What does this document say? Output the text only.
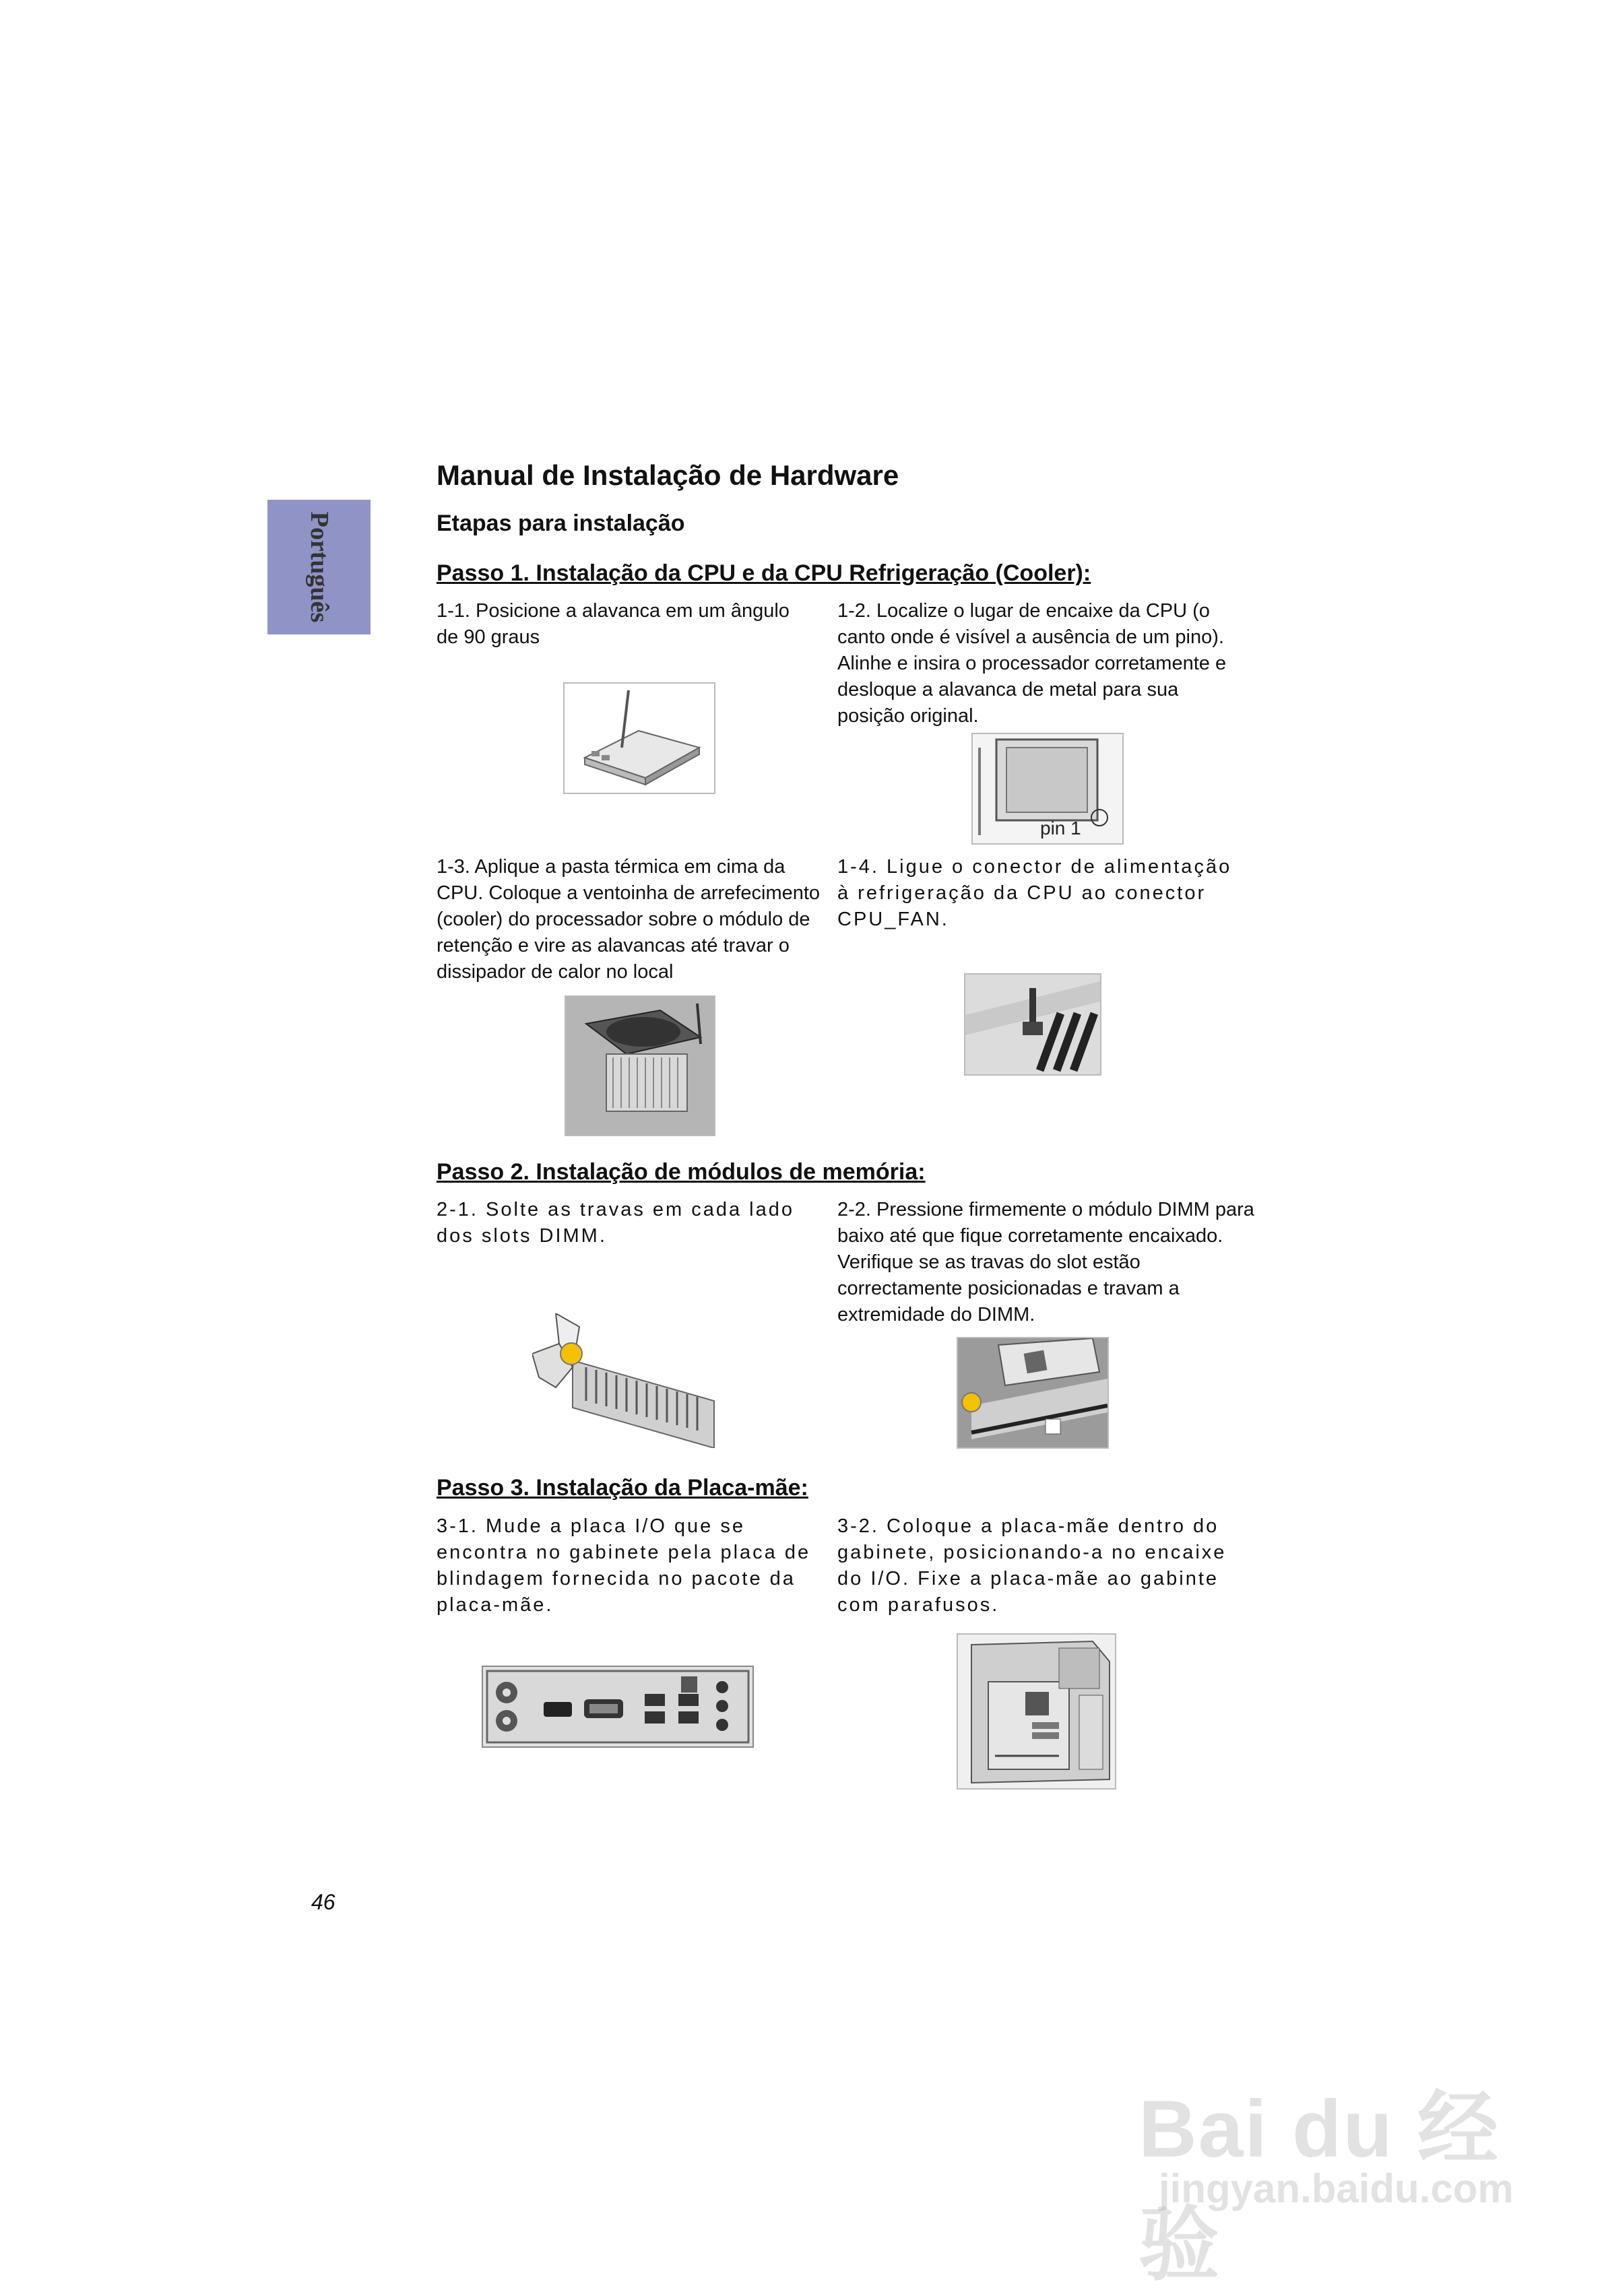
Português
Manual de Instalação de Hardware
Etapas para instalação
Passo 1. Instalação da CPU e da CPU Refrigeração (Cooler):
1-1. Posicione a alavanca em um ângulo de 90 graus
1-2. Localize o lugar de encaixe da CPU (o canto onde é visível a ausência de um pino). Alinhe e insira o processador corretamente e desloque a alavanca de metal para sua posição original.
pin 1
1-3. Aplique a pasta térmica em cima da CPU. Coloque a ventoinha de arrefecimento (cooler) do processador sobre o módulo de retenção e vire as alavancas até travar o dissipador de calor no local
1-4. Ligue o conector de alimentação à refrigeração da CPU ao conector CPU_FAN.
Passo 2. Instalação de módulos de memória:
2-1. Solte as travas em cada lado dos slots DIMM.
2-2. Pressione firmemente o módulo DIMM para baixo até que fique corretamente encaixado. Verifique se as travas do slot estão correctamente posicionadas e travam a extremidade do DIMM.
Passo 3. Instalação da Placa-mãe:
3-1. Mude a placa I/O que se encontra no gabinete pela placa de blindagem fornecida no pacote da placa-mãe.
3-2. Coloque a placa-mãe dentro do gabinete, posicionando-a no encaixe do I/O. Fixe a placa-mãe ao gabinte com parafusos.
46
Bai du 经验
jingyan.baidu.com
